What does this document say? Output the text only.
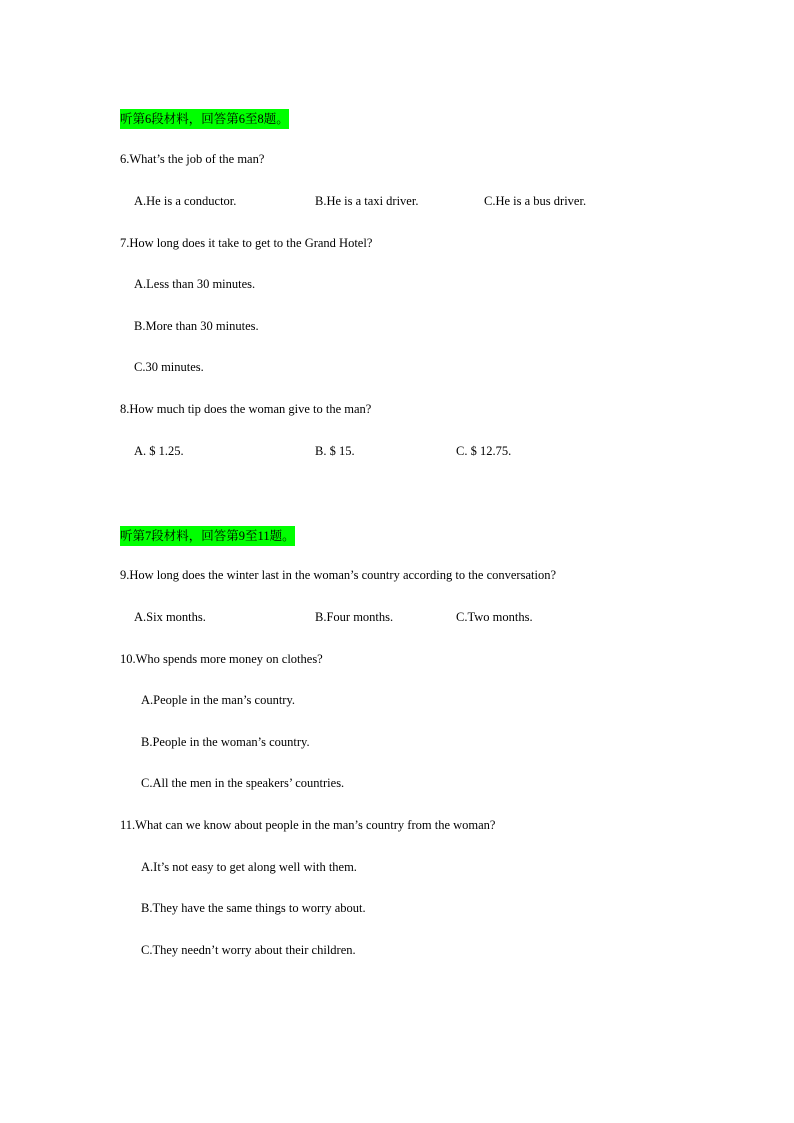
听第6段材料，回答第6至8题。
6.What’s the job of the man?
A.He is a conductor.	B.He is a taxi driver.	C.He is a bus driver.
7.How long does it take to get to the Grand Hotel?
A.Less than 30 minutes.
B.More than 30 minutes.
C.30 minutes.
8.How much tip does the woman give to the man?
A. $ 1.25.	B. $ 15.	C. $ 12.75.
听第7段材料，回答第9至11题。
9.How long does the winter last in the woman’s country according to the conversation?
A.Six months.	B.Four months.	C.Two months.
10.Who spends more money on clothes?
A.People in the man’s country.
B.People in the woman’s country.
C.All the men in the speakers’ countries.
11.What can we know about people in the man’s country from the woman?
A.It’s not easy to get along well with them.
B.They have the same things to worry about.
C.They needn’t worry about their children.
